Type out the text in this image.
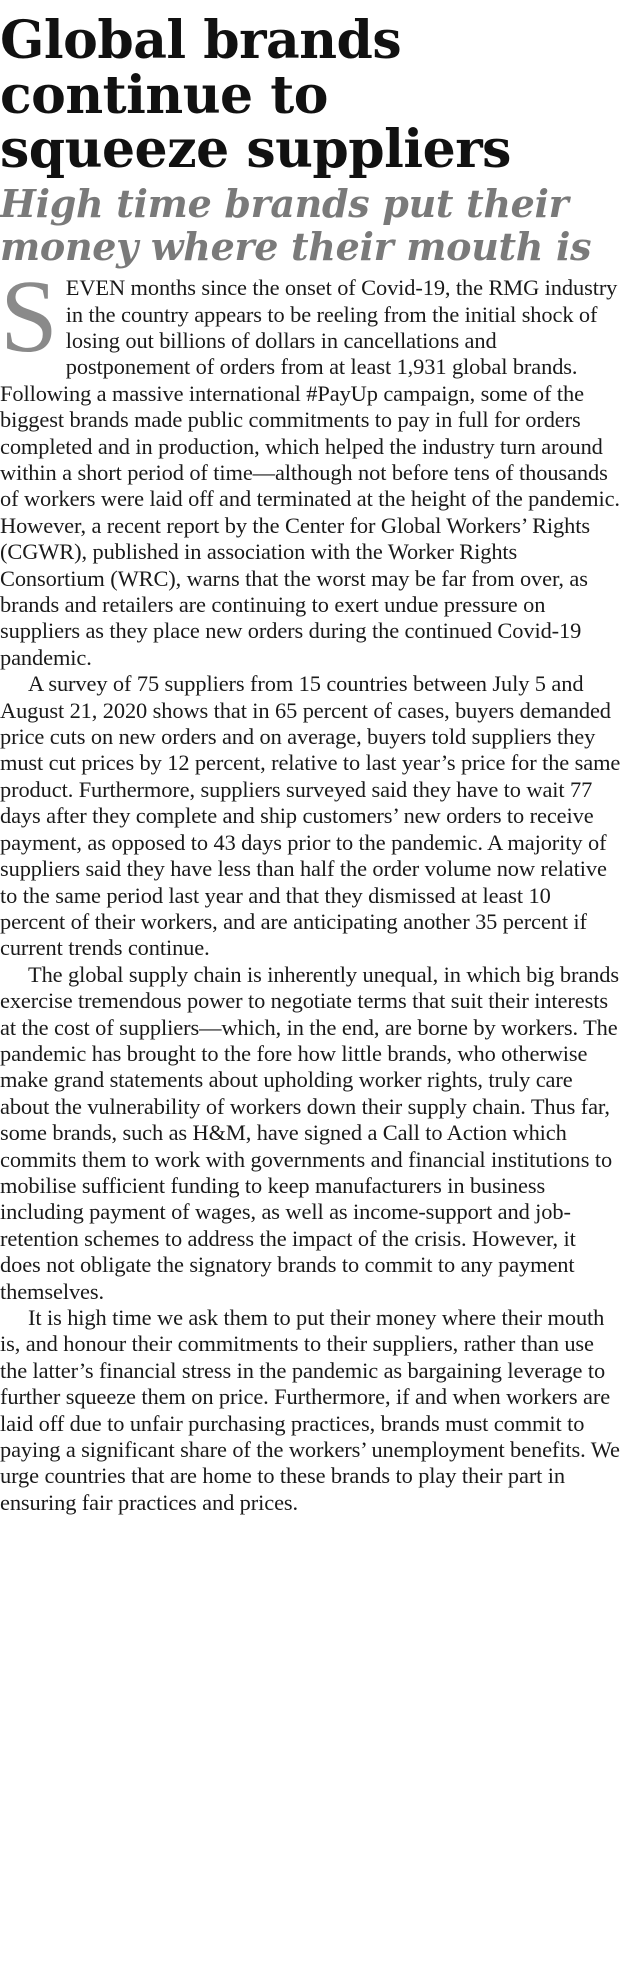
Global brands
continue to
squeeze suppliers
High time brands put their money where their mouth is

SEVEN months since the onset of Covid-19, the RMG industry in the country appears to be reeling from the initial shock of losing out billions of dollars in cancellations and postponement of orders from at least 1,931 global brands. Following a massive international #PayUp campaign, some of the biggest brands made public commitments to pay in full for orders completed and in production, which helped the industry turn around within a short period of time—although not before tens of thousands of workers were laid off and terminated at the height of the pandemic. However, a recent report by the Center for Global Workers’ Rights (CGWR), published in association with the Worker Rights Consortium (WRC), warns that the worst may be far from over, as brands and retailers are continuing to exert undue pressure on suppliers as they place new orders during the continued Covid-19 pandemic.

A survey of 75 suppliers from 15 countries between July 5 and August 21, 2020 shows that in 65 percent of cases, buyers demanded price cuts on new orders and on average, buyers told suppliers they must cut prices by 12 percent, relative to last year’s price for the same product. Furthermore, suppliers surveyed said they have to wait 77 days after they complete and ship customers’ new orders to receive payment, as opposed to 43 days prior to the pandemic. A majority of suppliers said they have less than half the order volume now relative to the same period last year and that they dismissed at least 10 percent of their workers, and are anticipating another 35 percent if current trends continue.

The global supply chain is inherently unequal, in which big brands exercise tremendous power to negotiate terms that suit their interests at the cost of suppliers—which, in the end, are borne by workers. The pandemic has brought to the fore how little brands, who otherwise make grand statements about upholding worker rights, truly care about the vulnerability of workers down their supply chain. Thus far, some brands, such as H&M, have signed a Call to Action which commits them to work with governments and financial institutions to mobilise sufficient funding to keep manufacturers in business including payment of wages, as well as income-support and job-retention schemes to address the impact of the crisis. However, it does not obligate the signatory brands to commit to any payment themselves.

It is high time we ask them to put their money where their mouth is, and honour their commitments to their suppliers, rather than use the latter’s financial stress in the pandemic as bargaining leverage to further squeeze them on price. Furthermore, if and when workers are laid off due to unfair purchasing practices, brands must commit to paying a significant share of the workers’ unemployment benefits. We urge countries that are home to these brands to play their part in ensuring fair practices and prices.
